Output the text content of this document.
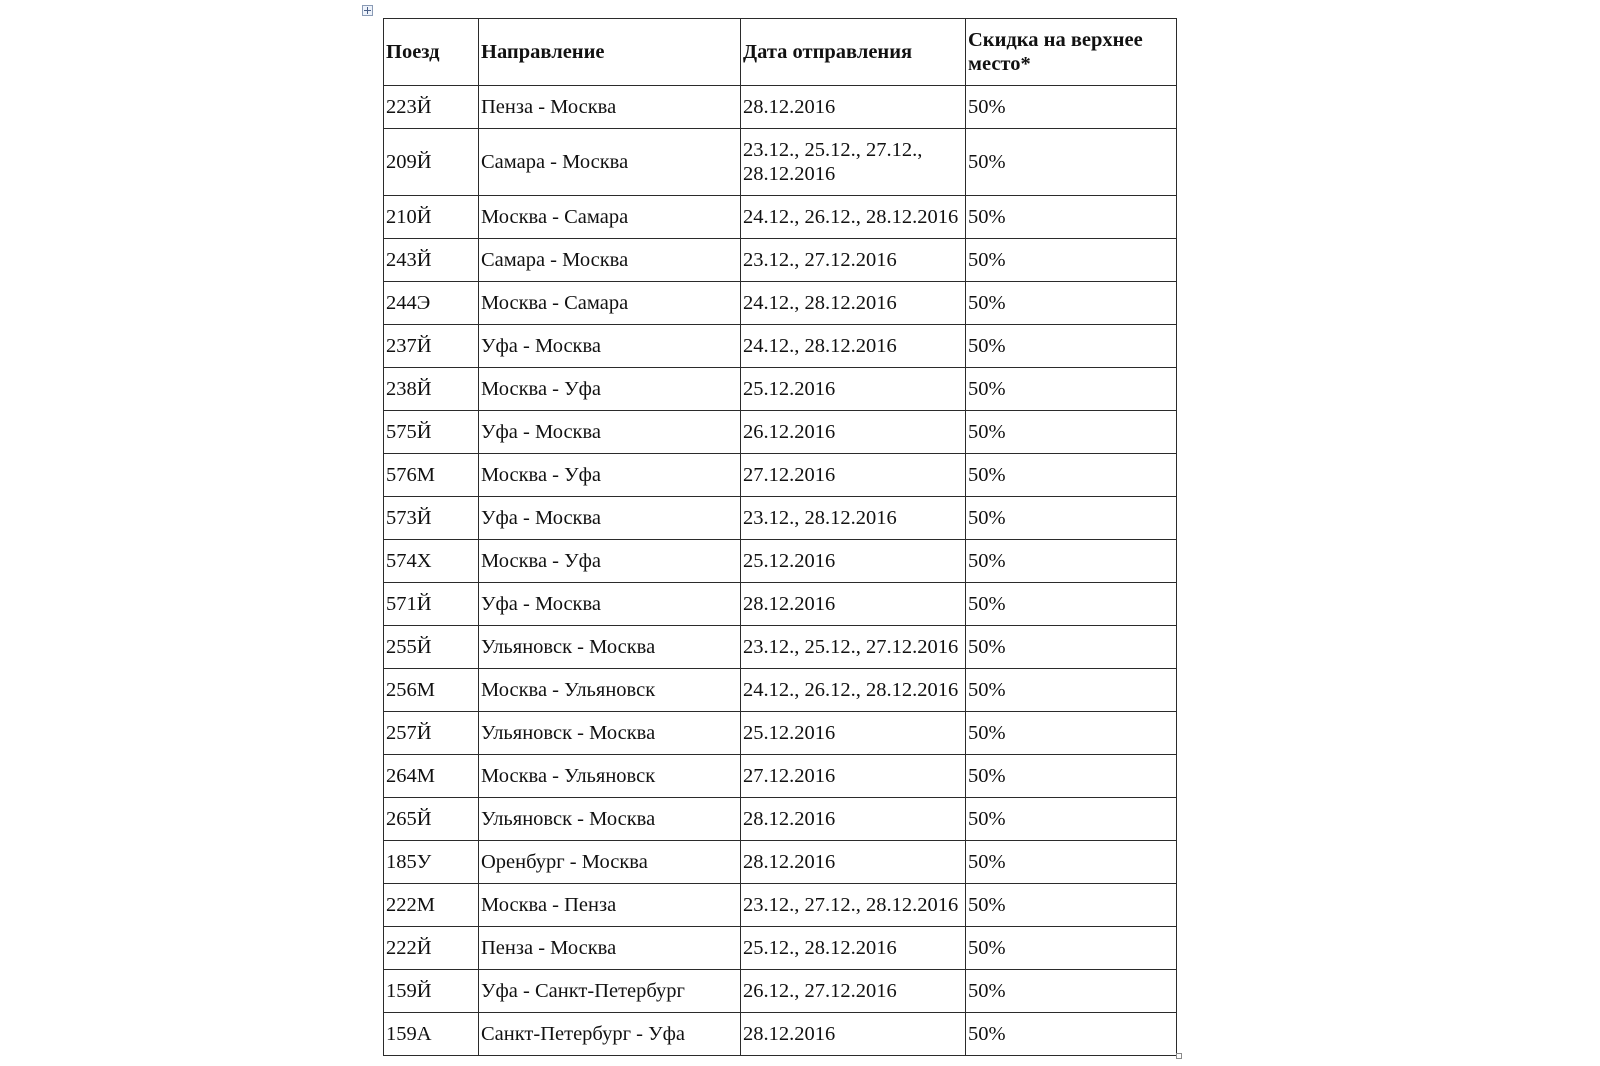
Поезд	Направление	Дата отправления	Скидка на верхнее место*
223Й	Пенза - Москва	28.12.2016	50%
209Й	Самара - Москва	23.12., 25.12., 27.12., 28.12.2016	50%
210Й	Москва - Самара	24.12., 26.12., 28.12.2016	50%
243Й	Самара - Москва	23.12., 27.12.2016	50%
244Э	Москва - Самара	24.12., 28.12.2016	50%
237Й	Уфа - Москва	24.12., 28.12.2016	50%
238Й	Москва - Уфа	25.12.2016	50%
575Й	Уфа - Москва	26.12.2016	50%
576М	Москва - Уфа	27.12.2016	50%
573Й	Уфа - Москва	23.12., 28.12.2016	50%
574Х	Москва - Уфа	25.12.2016	50%
571Й	Уфа - Москва	28.12.2016	50%
255Й	Ульяновск - Москва	23.12., 25.12., 27.12.2016	50%
256М	Москва - Ульяновск	24.12., 26.12., 28.12.2016	50%
257Й	Ульяновск - Москва	25.12.2016	50%
264М	Москва - Ульяновск	27.12.2016	50%
265Й	Ульяновск - Москва	28.12.2016	50%
185У	Оренбург - Москва	28.12.2016	50%
222М	Москва - Пенза	23.12., 27.12., 28.12.2016	50%
222Й	Пенза - Москва	25.12., 28.12.2016	50%
159Й	Уфа - Санкт-Петербург	26.12., 27.12.2016	50%
159А	Санкт-Петербург - Уфа	28.12.2016	50%
